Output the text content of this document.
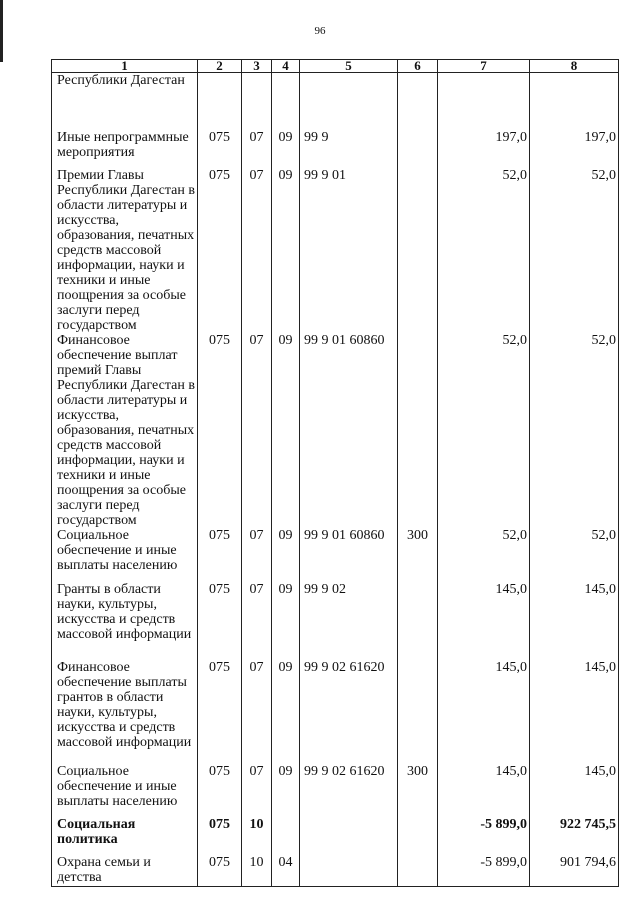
96
1	2	3	4	5	6	7	8
Республики Дагестан							
Иные непрограммные мероприятия	075	07	09	99 9		197,0	197,0
Премии Главы Республики Дагестан в области литературы и искусства, образования, печатных средств массовой информации, науки и техники и иные поощрения за особые заслуги перед государством	075	07	09	99 9 01		52,0	52,0
Финансовое обеспечение выплат премий Главы Республики Дагестан в области литературы и искусства, образования, печатных средств массовой информации, науки и техники и иные поощрения за особые заслуги перед государством	075	07	09	99 9 01 60860		52,0	52,0
Социальное обеспечение и иные выплаты населению	075	07	09	99 9 01 60860	300	52,0	52,0
Гранты в области науки, культуры, искусства и средств массовой информации	075	07	09	99 9 02		145,0	145,0
Финансовое обеспечение выплаты грантов в области науки, культуры, искусства и средств массовой информации	075	07	09	99 9 02 61620		145,0	145,0
Социальное обеспечение и иные выплаты населению	075	07	09	99 9 02 61620	300	145,0	145,0
Социальная политика	075	10				-5 899,0	922 745,5
Охрана семьи и детства	075	10	04			-5 899,0	901 794,6
